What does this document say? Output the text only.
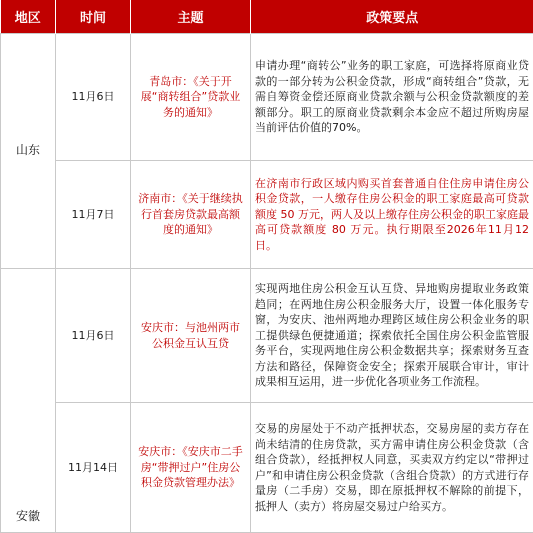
地区	时间	主题	政策要点
山东	11月6日	青岛市：《关于开展“商转组合”贷款业务的通知》	申请办理“商转公”业务的职工家庭，可选择将原商业贷款的一部分转为公积金贷款，形成“商转组合”贷款，无需自筹资金偿还原商业贷款余额与公积金贷款额度的差额部分。职工的原商业贷款剩余本金应不超过所购房屋当前评估价值的70%。
	11月7日	济南市：《关于继续执行首套房贷款最高额度的通知》	在济南市行政区域内购买首套普通自住住房申请住房公积金贷款，一人缴存住房公积金的职工家庭最高可贷款额度 50 万元，两人及以上缴存住房公积金的职工家庭最高可贷款额度 80 万元。执行期限至2026年11月12日。
安徽	11月6日	安庆市：与池州两市公积金互认互贷	实现两地住房公积金互认互贷、异地购房提取业务政策趋同；在两地住房公积金服务大厅，设置一体化服务专窗，为安庆、池州两地办理跨区域住房公积金业务的职工提供绿色便捷通道；探索依托全国住房公积金监管服务平台，实现两地住房公积金数据共享；探索财务互查方法和路径，保障资金安全；探索开展联合审计，审计成果相互运用，进一步优化各项业务工作流程。
	11月14日	安庆市：《安庆市二手房“带押过户”住房公积金贷款管理办法》	交易的房屋处于不动产抵押状态，交易房屋的卖方存在尚未结清的住房贷款，买方需申请住房公积金贷款（含组合贷款），经抵押权人同意，买卖双方约定以“带押过户”和申请住房公积金贷款（含组合贷款）的方式进行存量房（二手房）交易，即在原抵押权不解除的前提下，抵押人（卖方）将房屋交易过户给买方。
